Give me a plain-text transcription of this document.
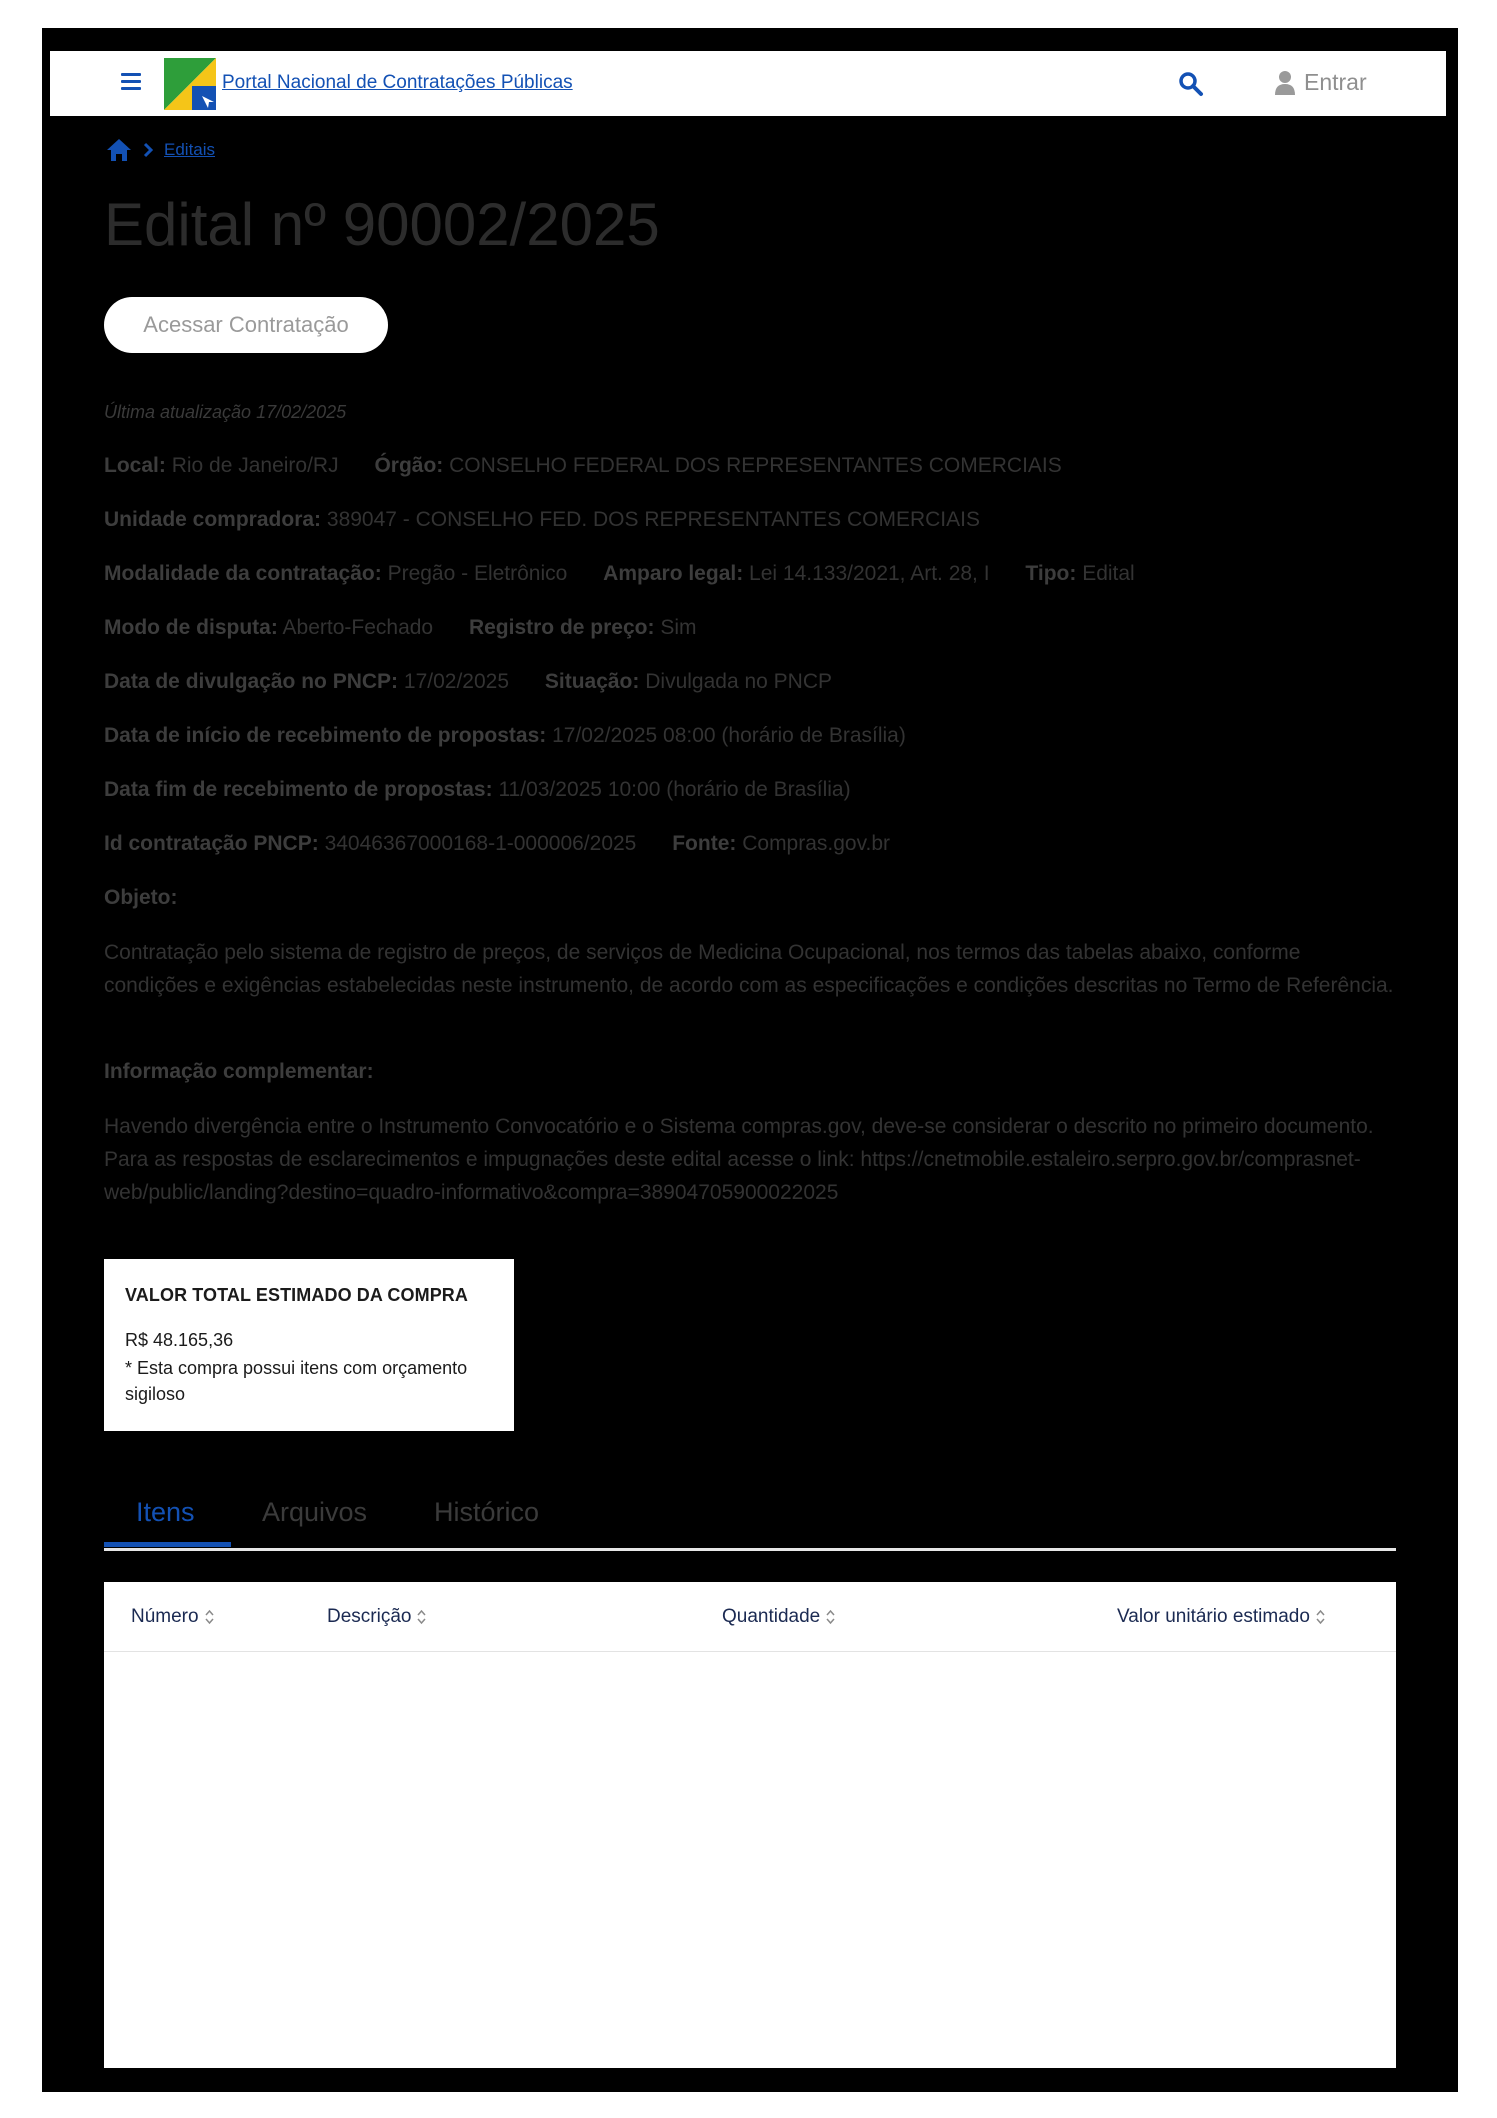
Portal Nacional de Contratações Públicas	Entrar
Editais
Edital nº 90002/2025
Acessar Contratação
Última atualização 17/02/2025
Local: Rio de Janeiro/RJ Órgão: CONSELHO FEDERAL DOS REPRESENTANTES COMERCIAIS
Unidade compradora: 389047 - CONSELHO FED. DOS REPRESENTANTES COMERCIAIS
Modalidade da contratação: Pregão - Eletrônico Amparo legal: Lei 14.133/2021, Art. 28, I Tipo: Edital
Modo de disputa: Aberto-Fechado Registro de preço: Sim
Data de divulgação no PNCP: 17/02/2025 Situação: Divulgada no PNCP
Data de início de recebimento de propostas: 17/02/2025 08:00 (horário de Brasília)
Data fim de recebimento de propostas: 11/03/2025 10:00 (horário de Brasília)
Id contratação PNCP: 34046367000168-1-000006/2025 Fonte: Compras.gov.br
Objeto:
Contratação pelo sistema de registro de preços, de serviços de Medicina Ocupacional, nos termos das tabelas abaixo, conforme condições e exigências estabelecidas neste instrumento, de acordo com as especificações e condições descritas no Termo de Referência.
Informação complementar:
Havendo divergência entre o Instrumento Convocatório e o Sistema compras.gov, deve-se considerar o descrito no primeiro documento. Para as respostas de esclarecimentos e impugnações deste edital acesse o link: https://cnetmobile.estaleiro.serpro.gov.br/comprasnet-web/public/landing?destino=quadro-informativo&compra=38904705900022025
VALOR TOTAL ESTIMADO DA COMPRA
R$ 48.165,36
* Esta compra possui itens com orçamento sigiloso
Itens Arquivos Histórico
Número	Descrição	Quantidade	Valor unitário estimado
